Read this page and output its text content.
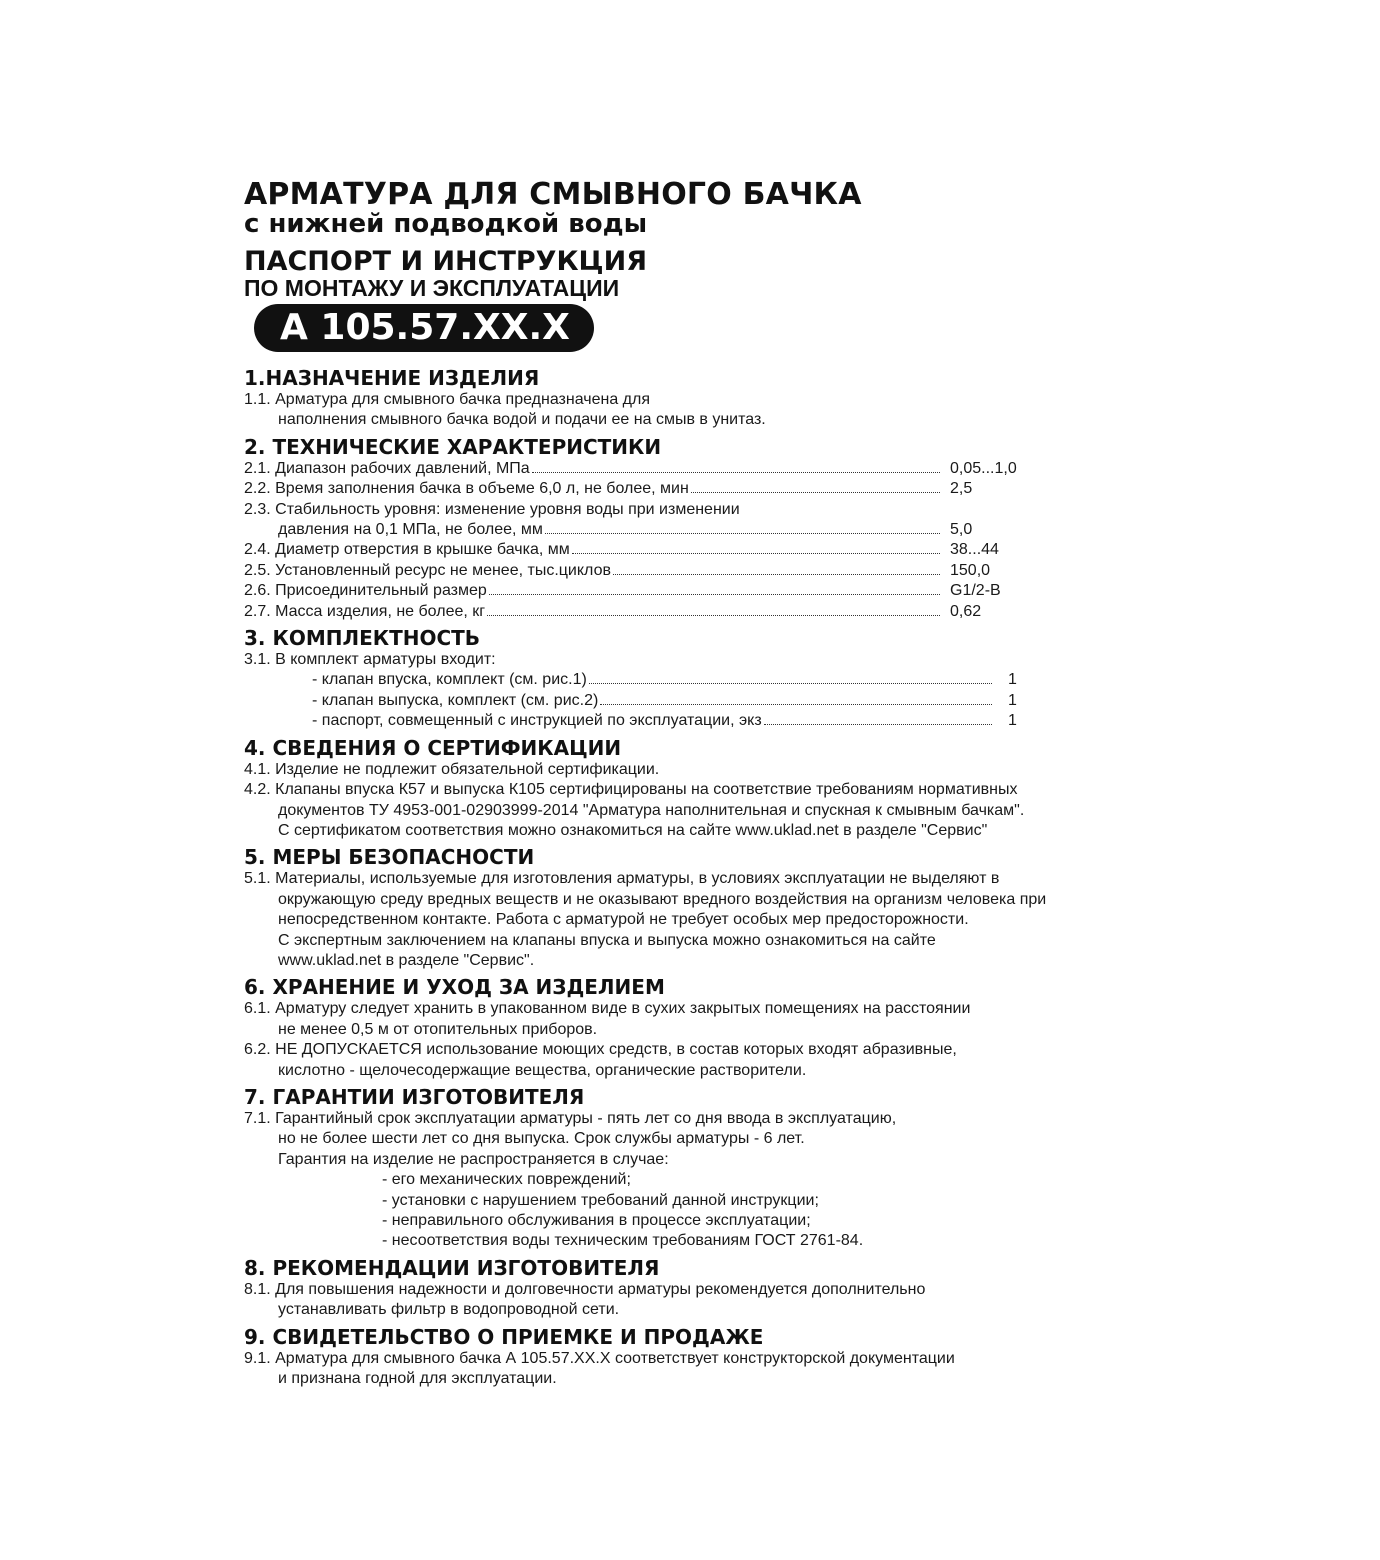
АРМАТУРА ДЛЯ СМЫВНОГО БАЧКА
с нижней подводкой воды
ПАСПОРТ И ИНСТРУКЦИЯ
ПО МОНТАЖУ И ЭКСПЛУАТАЦИИ
А 105.57.ХХ.Х
1.НАЗНАЧЕНИЕ ИЗДЕЛИЯ
1.1. Арматура для смывного бачка предназначена для
наполнения смывного бачка водой и подачи ее на смыв в унитаз.
2. ТЕХНИЧЕСКИЕ ХАРАКТЕРИСТИКИ
2.1. Диапазон рабочих давлений, МПа	0,05...1,0
2.2. Время заполнения бачка в объеме 6,0 л, не более, мин	2,5
2.3. Стабильность уровня: изменение уровня воды при изменении
давления на 0,1 МПа, не более, мм	5,0
2.4. Диаметр отверстия в крышке бачка, мм	38...44
2.5. Установленный ресурс не менее, тыс.циклов	150,0
2.6. Присоединительный размер	G1/2-B
2.7. Масса изделия, не более, кг	0,62
3. КОМПЛЕКТНОСТЬ
3.1. В комплект арматуры входит:
- клапан впуска, комплект (см. рис.1)	1
- клапан выпуска, комплект (см. рис.2)	1
- паспорт, совмещенный с инструкцией по эксплуатации, экз	1
4. СВЕДЕНИЯ О СЕРТИФИКАЦИИ
4.1. Изделие не подлежит обязательной сертификации.
4.2. Клапаны впуска К57 и выпуска К105 сертифицированы на соответствие требованиям нормативных
документов ТУ 4953-001-02903999-2014 "Арматура наполнительная и спускная к смывным бачкам".
С сертификатом соответствия можно ознакомиться на сайте www.uklad.net в разделе "Сервис"
5. МЕРЫ БЕЗОПАСНОСТИ
5.1. Материалы, используемые для изготовления арматуры, в условиях эксплуатации не выделяют в
окружающую среду вредных веществ и не оказывают вредного воздействия на организм человека при
непосредственном контакте. Работа с арматурой не требует особых мер предосторожности.
С экспертным заключением на клапаны впуска и выпуска можно ознакомиться на сайте
www.uklad.net в разделе "Сервис".
6. ХРАНЕНИЕ И УХОД ЗА ИЗДЕЛИЕМ
6.1. Арматуру следует хранить в упакованном виде в сухих закрытых помещениях на расстоянии
не менее 0,5 м от отопительных приборов.
6.2. НЕ ДОПУСКАЕТСЯ использование моющих средств, в состав которых входят абразивные,
кислотно - щелочесодержащие вещества, органические растворители.
7. ГАРАНТИИ ИЗГОТОВИТЕЛЯ
7.1. Гарантийный срок эксплуатации арматуры - пять лет со дня ввода в эксплуатацию,
но не более шести лет со дня выпуска. Срок службы арматуры - 6 лет.
Гарантия на изделие не распространяется в случае:
- его механических повреждений;
- установки с нарушением требований данной инструкции;
- неправильного обслуживания в процессе эксплуатации;
- несоответствия воды техническим требованиям ГОСТ 2761-84.
8. РЕКОМЕНДАЦИИ ИЗГОТОВИТЕЛЯ
8.1. Для повышения надежности и долговечности арматуры рекомендуется дополнительно
устанавливать фильтр в водопроводной сети.
9. СВИДЕТЕЛЬСТВО О ПРИЕМКЕ И ПРОДАЖЕ
9.1. Арматура для смывного бачка А 105.57.ХХ.Х соответствует конструкторской документации
и признана годной для эксплуатации.
